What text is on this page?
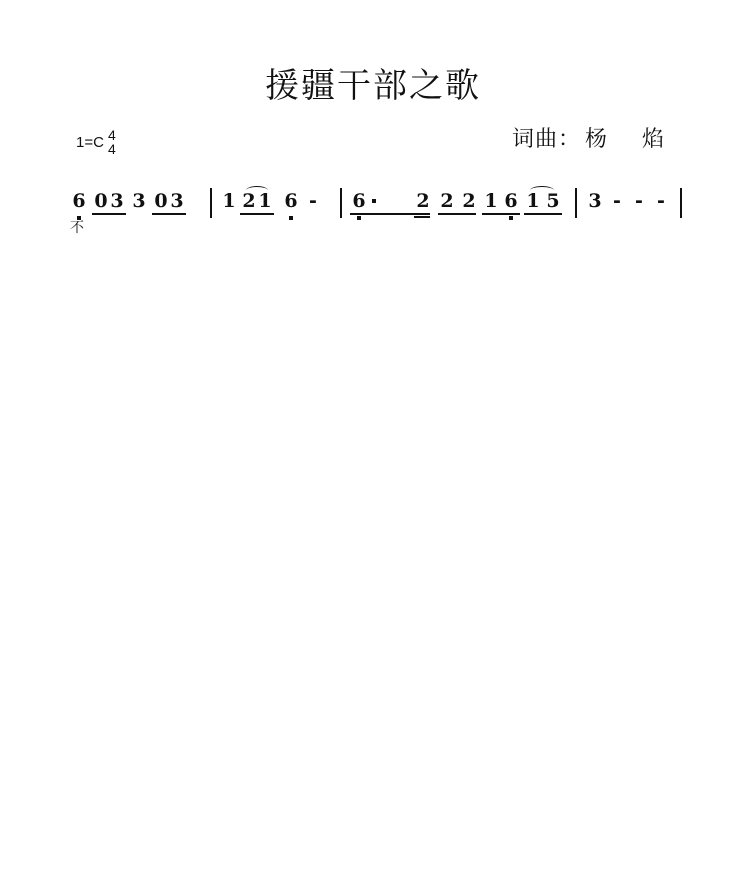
援疆干部之歌
1=C 4
4	词曲： 杨 焰
6 0 3 3 0 3 1 2 1 6 - 6	2 2 2 1 6 1 5 3 - - -
不
